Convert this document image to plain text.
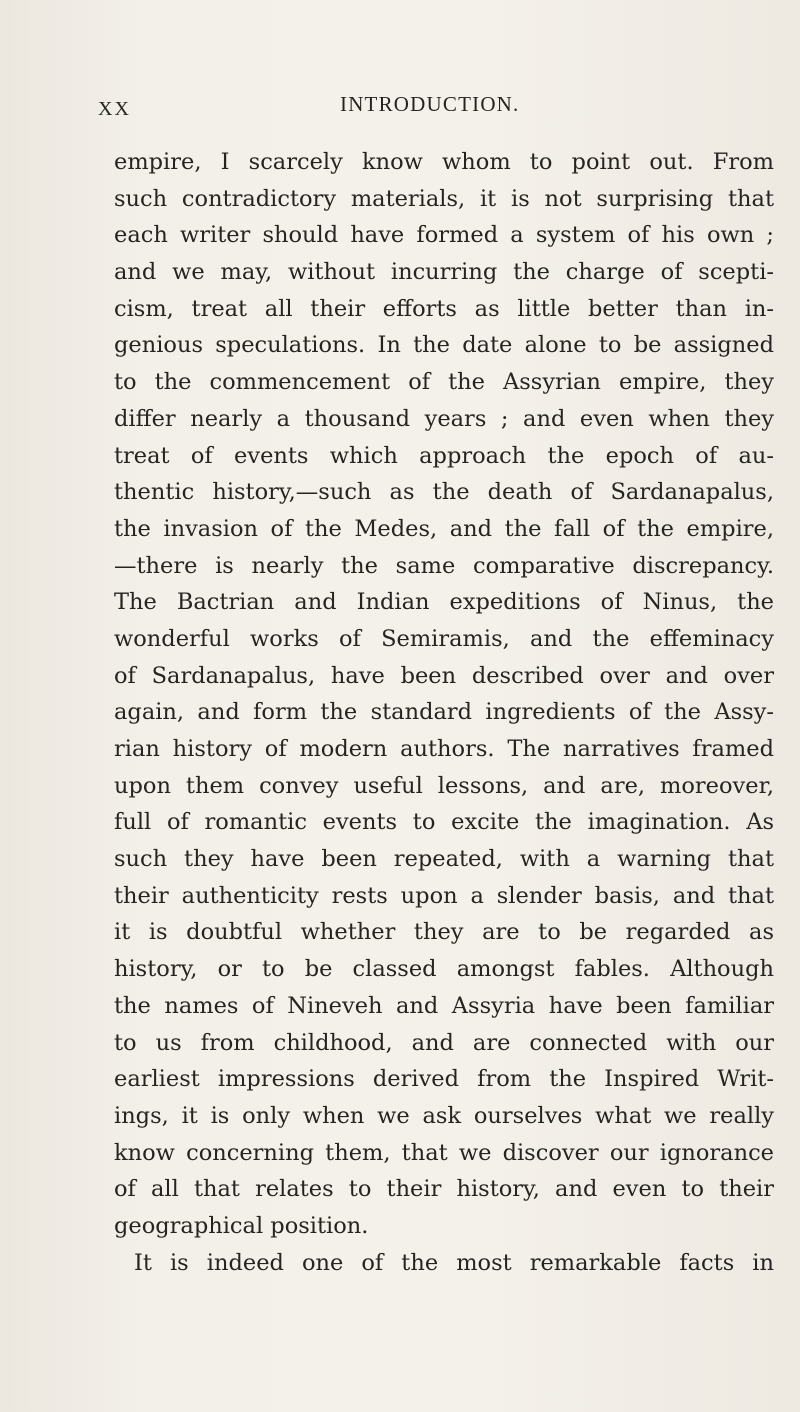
XX	INTRODUCTION.
empire, I scarcely know whom to point out. From
such contradictory materials, it is not surprising that
each writer should have formed a system of his own ;
and we may, without incurring the charge of scepti-
cism, treat all their efforts as little better than in-
genious speculations. In the date alone to be assigned
to the commencement of the Assyrian empire, they
differ nearly a thousand years ; and even when they
treat of events which approach the epoch of au-
thentic history,—such as the death of Sardanapalus,
the invasion of the Medes, and the fall of the empire,
—there is nearly the same comparative discrepancy.
The Bactrian and Indian expeditions of Ninus, the
wonderful works of Semiramis, and the effeminacy
of Sardanapalus, have been described over and over
again, and form the standard ingredients of the Assy-
rian history of modern authors. The narratives framed
upon them convey useful lessons, and are, moreover,
full of romantic events to excite the imagination. As
such they have been repeated, with a warning that
their authenticity rests upon a slender basis, and that
it is doubtful whether they are to be regarded as
history, or to be classed amongst fables. Although
the names of Nineveh and Assyria have been familiar
to us from childhood, and are connected with our
earliest impressions derived from the Inspired Writ-
ings, it is only when we ask ourselves what we really
know concerning them, that we discover our ignorance
of all that relates to their history, and even to their
geographical position.
It is indeed one of the most remarkable facts in
